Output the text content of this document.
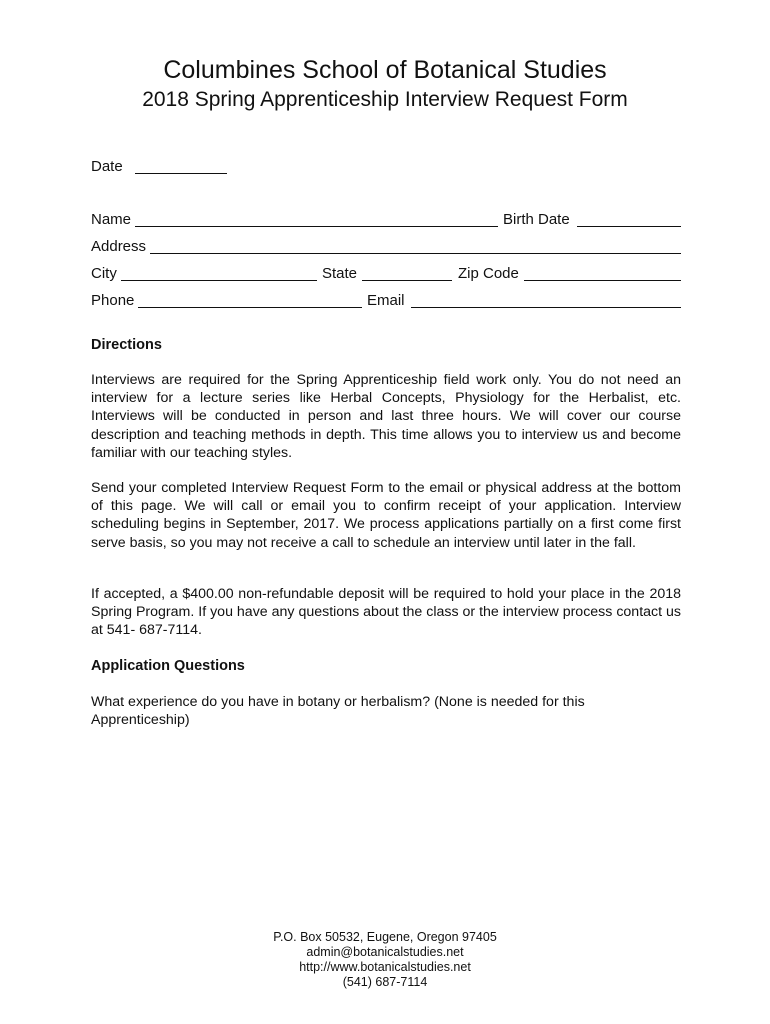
Columbines School of Botanical Studies
2018 Spring Apprenticeship Interview Request Form
Date
Name	Birth Date
Address
City	State	Zip Code
Phone	Email
Directions

Interviews are required for the Spring Apprenticeship field work only. You do not need an interview for a lecture series like Herbal Concepts, Physiology for the Herbalist, etc. Interviews will be conducted in person and last three hours. We will cover our course description and teaching methods in depth. This time allows you to interview us and become familiar with our teaching styles.

Send your completed Interview Request Form to the email or physical address at the bottom of this page. We will call or email you to confirm receipt of your application. Interview scheduling begins in September, 2017. We process applications partially on a first come first serve basis, so you may not receive a call to schedule an interview until later in the fall.

If accepted, a $400.00 non-refundable deposit will be required to hold your place in the 2018 Spring Program. If you have any questions about the class or the interview process contact us at 541- 687-7114.

Application Questions

What experience do you have in botany or herbalism? (None is needed for this Apprenticeship)

P.O. Box 50532, Eugene, Oregon 97405
admin@botanicalstudies.net
http://www.botanicalstudies.net
(541) 687-7114
